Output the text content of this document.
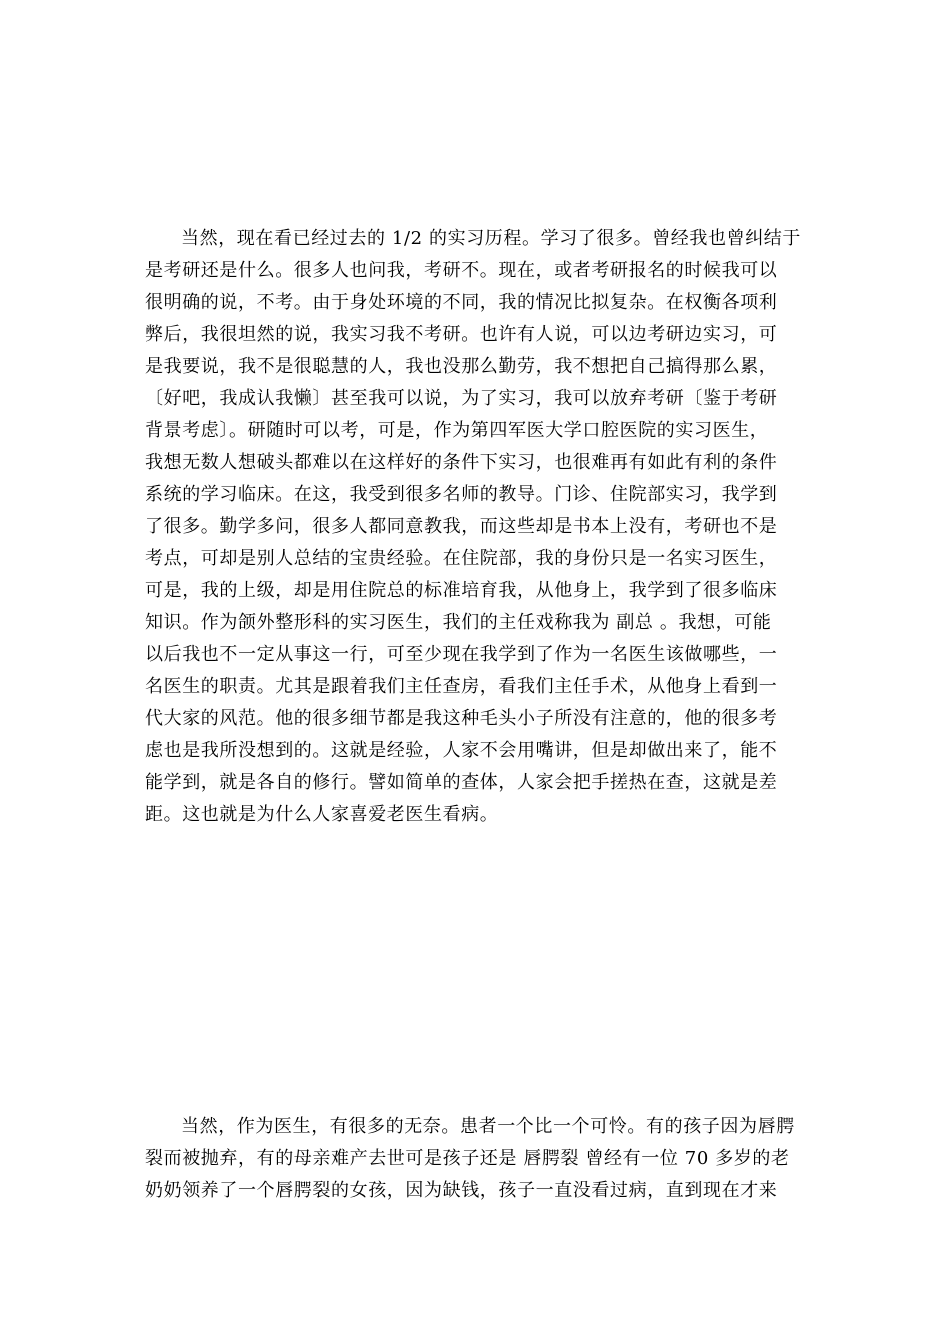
当然，现在看已经过去的 1/2 的实习历程。学习了很多。曾经我也曾纠结于
是考研还是什么。很多人也问我，考研不。现在，或者考研报名的时候我可以
很明确的说，不考。由于身处环境的不同，我的情况比拟复杂。在权衡各项利
弊后，我很坦然的说，我实习我不考研。也许有人说，可以边考研边实习，可
是我要说，我不是很聪慧的人，我也没那么勤劳，我不想把自己搞得那么累，
〔好吧，我成认我懒〕甚至我可以说，为了实习，我可以放弃考研〔鉴于考研
背景考虑〕。研随时可以考，可是，作为第四军医大学口腔医院的实习医生，
我想无数人想破头都难以在这样好的条件下实习，也很难再有如此有利的条件
系统的学习临床。在这，我受到很多名师的教导。门诊、住院部实习，我学到
了很多。勤学多问，很多人都同意教我，而这些却是书本上没有，考研也不是
考点，可却是别人总结的宝贵经验。在住院部，我的身份只是一名实习医生，
可是，我的上级，却是用住院总的标准培育我，从他身上，我学到了很多临床
知识。作为颌外整形科的实习医生，我们的主任戏称我为 副总 。我想，可能
以后我也不一定从事这一行，可至少现在我学到了作为一名医生该做哪些，一
名医生的职责。尤其是跟着我们主任查房，看我们主任手术，从他身上看到一
代大家的风范。他的很多细节都是我这种毛头小子所没有注意的，他的很多考
虑也是我所没想到的。这就是经验，人家不会用嘴讲，但是却做出来了，能不
能学到，就是各自的修行。譬如简单的查体，人家会把手搓热在查，这就是差
距。这也就是为什么人家喜爱老医生看病。
当然，作为医生，有很多的无奈。患者一个比一个可怜。有的孩子因为唇腭
裂而被抛弃，有的母亲难产去世可是孩子还是 唇腭裂 曾经有一位 70 多岁的老
奶奶领养了一个唇腭裂的女孩，因为缺钱，孩子一直没看过病，直到现在才来
